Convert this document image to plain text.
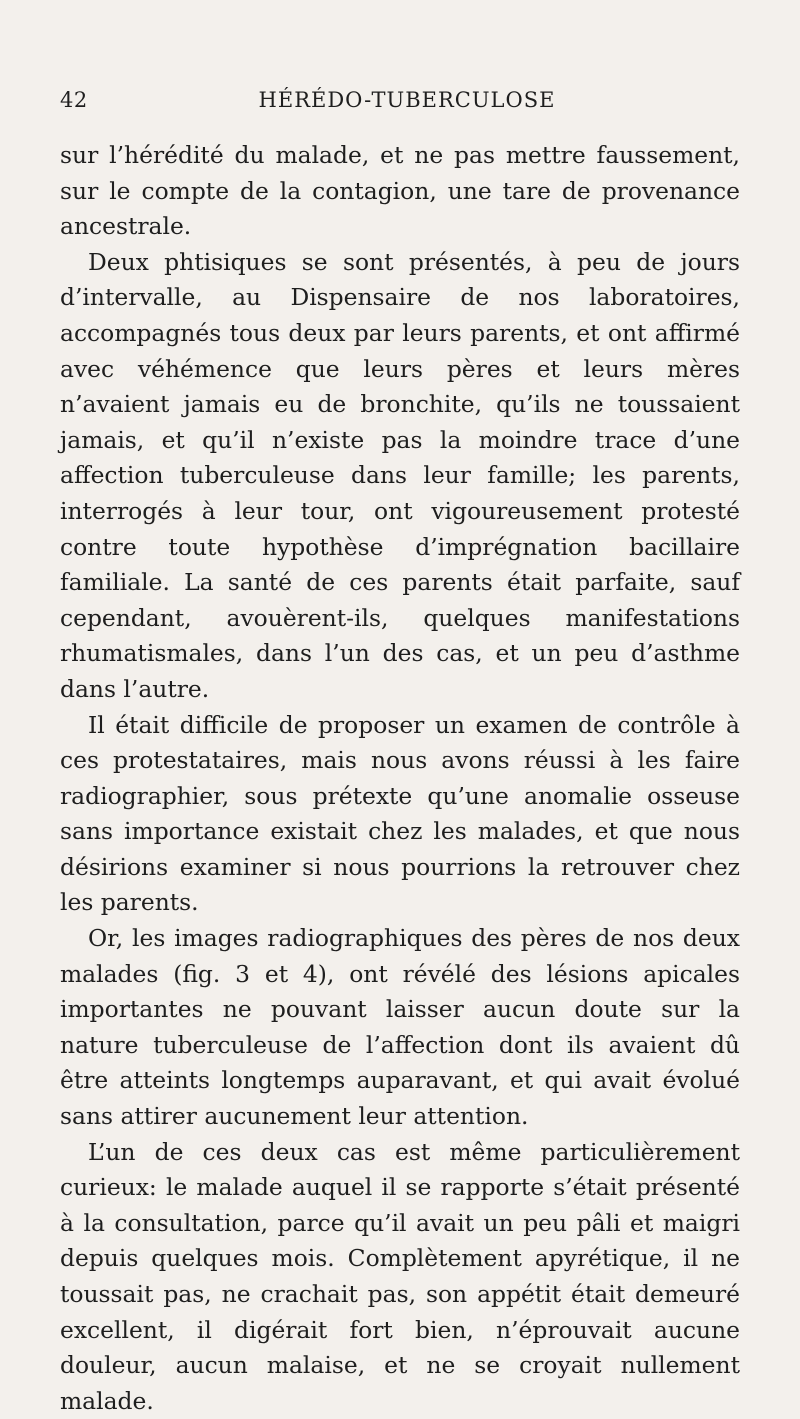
42	HÉRÉDO-TUBERCULOSE

sur l’hérédité du malade, et ne pas mettre faussement, sur le compte de la contagion, une tare de provenance ancestrale.

Deux phtisiques se sont présentés, à peu de jours d’intervalle, au Dispensaire de nos laboratoires, accompagnés tous deux par leurs parents, et ont affirmé avec véhémence que leurs pères et leurs mères n’avaient jamais eu de bronchite, qu’ils ne toussaient jamais, et qu’il n’existe pas la moindre trace d’une affection tuberculeuse dans leur famille; les parents, interrogés à leur tour, ont vigoureusement protesté contre toute hypothèse d’imprégnation bacillaire familiale. La santé de ces parents était parfaite, sauf cependant, avouèrent-ils, quelques manifestations rhumatismales, dans l’un des cas, et un peu d’asthme dans l’autre.

Il était difficile de proposer un examen de contrôle à ces protestataires, mais nous avons réussi à les faire radiographier, sous prétexte qu’une anomalie osseuse sans importance existait chez les malades, et que nous désirions examiner si nous pourrions la retrouver chez les parents.

Or, les images radiographiques des pères de nos deux malades (fig. 3 et 4), ont révélé des lésions apicales importantes ne pouvant laisser aucun doute sur la nature tuberculeuse de l’affection dont ils avaient dû être atteints longtemps auparavant, et qui avait évolué sans attirer aucunement leur attention.

L’un de ces deux cas est même particulièrement curieux: le malade auquel il se rapporte s’était présenté à la consultation, parce qu’il avait un peu pâli et maigri depuis quelques mois. Complètement apyrétique, il ne toussait pas, ne crachait pas, son appétit était demeuré excellent, il digérait fort bien, n’éprouvait aucune douleur, aucun malaise, et ne se croyait nullement malade.
